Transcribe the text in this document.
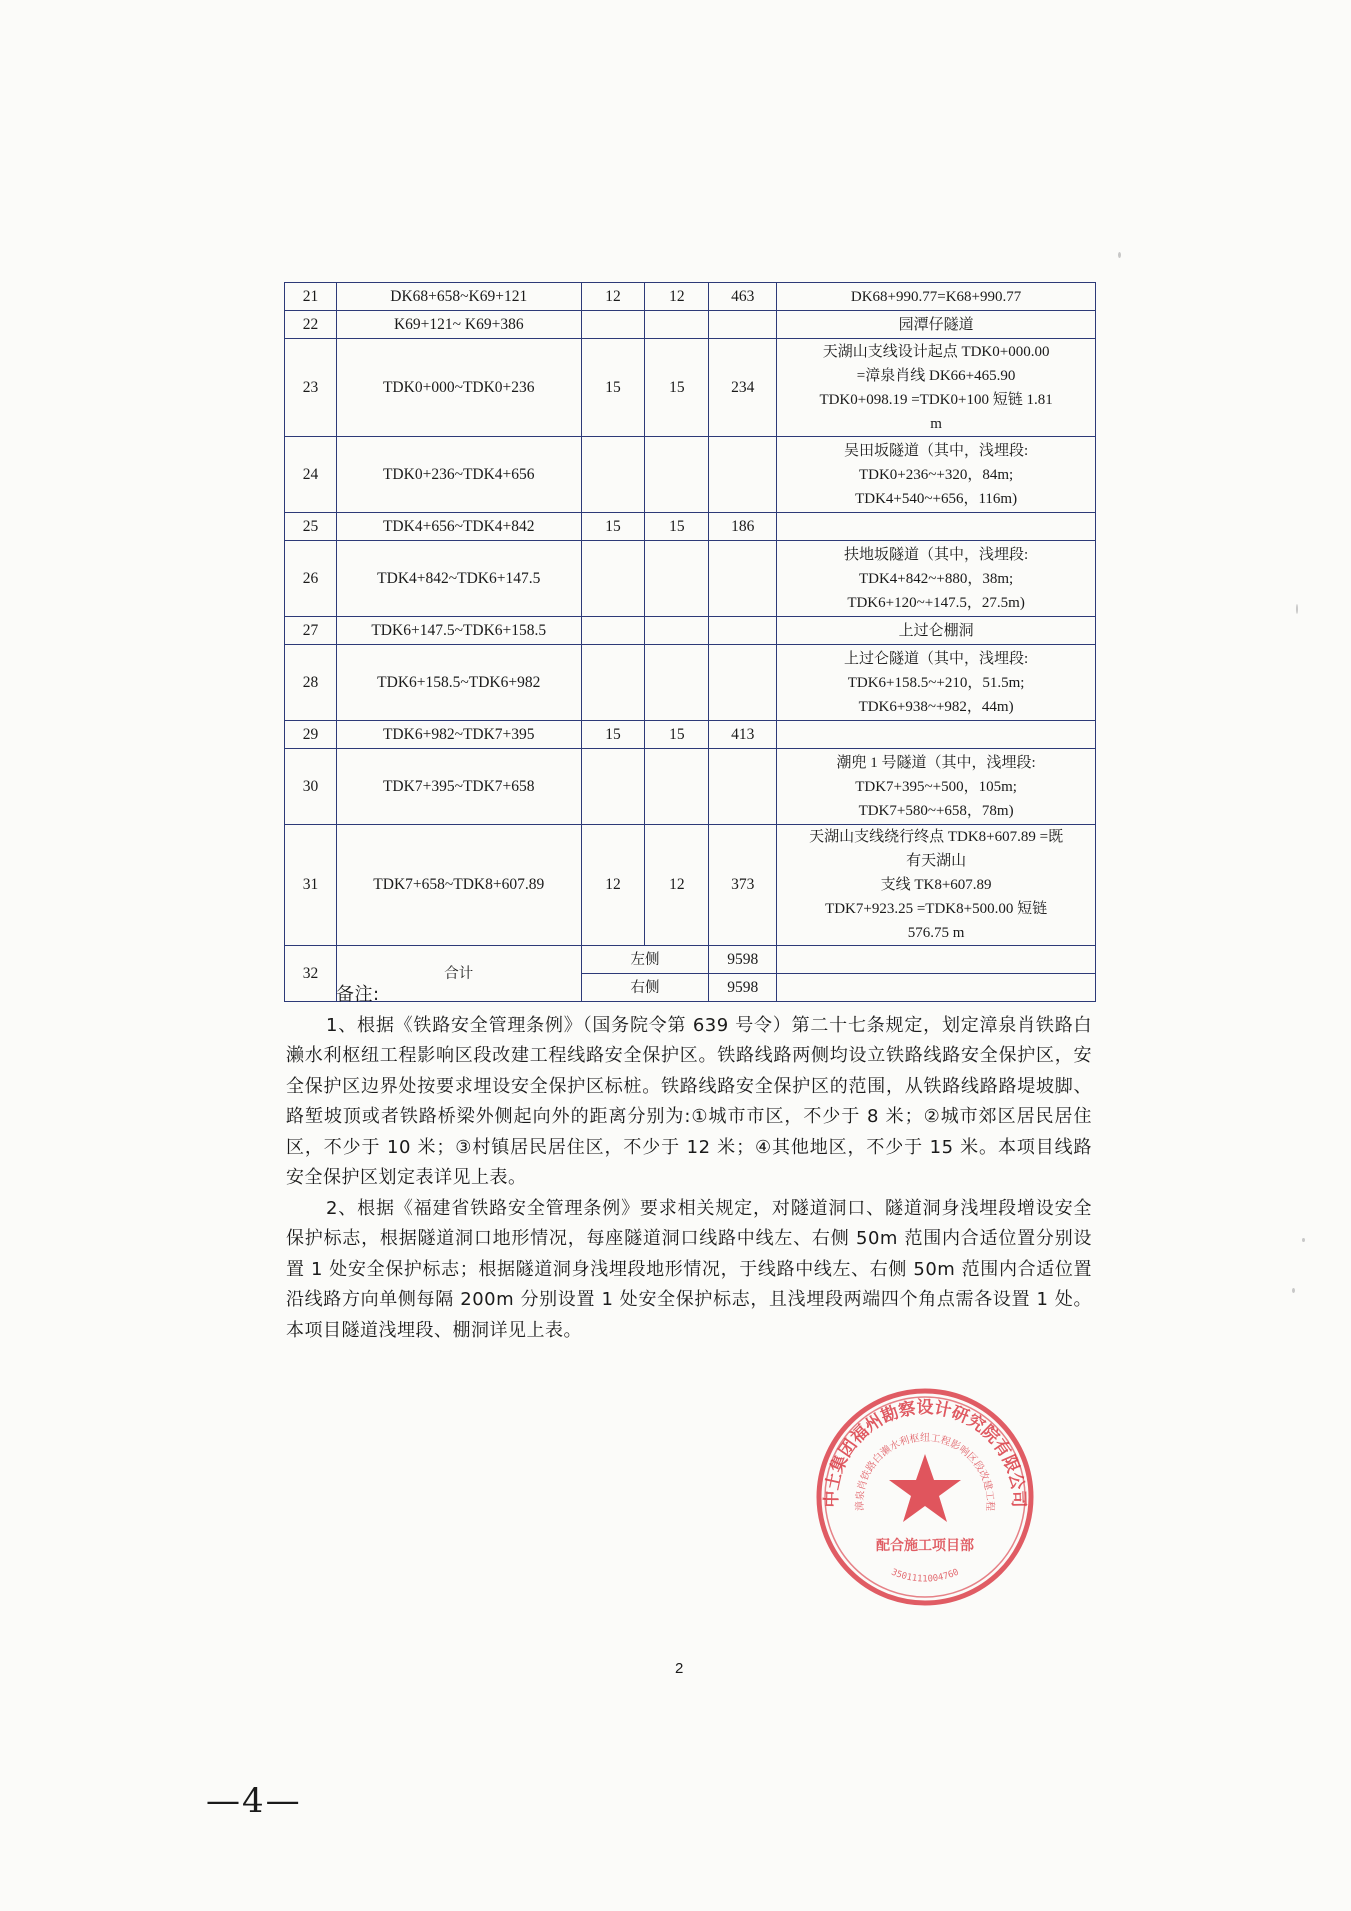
21	DK68+658~K69+121	12	12	463	DK68+990.77=K68+990.77

22	K69+121~ K69+386				园潭仔隧道

23	TDK0+000~TDK0+236	15	15	234	天湖山支线设计起点 TDK0+000.00
=漳泉肖线 DK66+465.90
TDK0+098.19 =TDK0+100 短链 1.81
m

24	TDK0+236~TDK4+656				吴田坂隧道（其中，浅埋段:
TDK0+236~+320，84m;
TDK4+540~+656，116m)

25	TDK4+656~TDK4+842	15	15	186	

26	TDK4+842~TDK6+147.5				扶地坂隧道（其中，浅埋段:
TDK4+842~+880，38m;
TDK6+120~+147.5，27.5m)

27	TDK6+147.5~TDK6+158.5				上过仑棚洞

28	TDK6+158.5~TDK6+982				上过仑隧道（其中，浅埋段:
TDK6+158.5~+210，51.5m;
TDK6+938~+982，44m)

29	TDK6+982~TDK7+395	15	15	413	

30	TDK7+395~TDK7+658				潮兜 1 号隧道（其中，浅埋段:
TDK7+395~+500，105m;
TDK7+580~+658，78m)

31	TDK7+658~TDK8+607.89	12	12	373	天湖山支线绕行终点 TDK8+607.89 =既
有天湖山
支线 TK8+607.89
TDK7+923.25 =TDK8+500.00 短链
576.75 m

32	合计	左侧		9598	
		右侧		9598	
备注:

1、根据《铁路安全管理条例》（国务院令第 639 号令）第二十七条规定，划定漳泉肖铁路白濑水利枢纽工程影响区段改建工程线路安全保护区。铁路线路两侧均设立铁路线路安全保护区，安全保护区边界处按要求埋设安全保护区标桩。铁路线路安全保护区的范围，从铁路线路路堤坡脚、路堑坡顶或者铁路桥梁外侧起向外的距离分别为:①城市市区，不少于 8 米；②城市郊区居民居住区，不少于 10 米；③村镇居民居住区，不少于 12 米；④其他地区，不少于 15 米。本项目线路安全保护区划定表详见上表。

2、根据《福建省铁路安全管理条例》要求相关规定，对隧道洞口、隧道洞身浅埋段增设安全保护标志，根据隧道洞口地形情况，每座隧道洞口线路中线左、右侧 50m 范围内合适位置分别设置 1 处安全保护标志；根据隧道洞身浅埋段地形情况，于线路中线左、右侧 50m 范围内合适位置沿线路方向单侧每隔 200m 分别设置 1 处安全保护标志，且浅埋段两端四个角点需各设置 1 处。本项目隧道浅埋段、棚洞详见上表。

中土集团福州勘察设计研究院有限公司
漳泉肖铁路白濑水利枢纽工程影响区段改建工程
配合施工项目部
3501111004760
2
—4—
